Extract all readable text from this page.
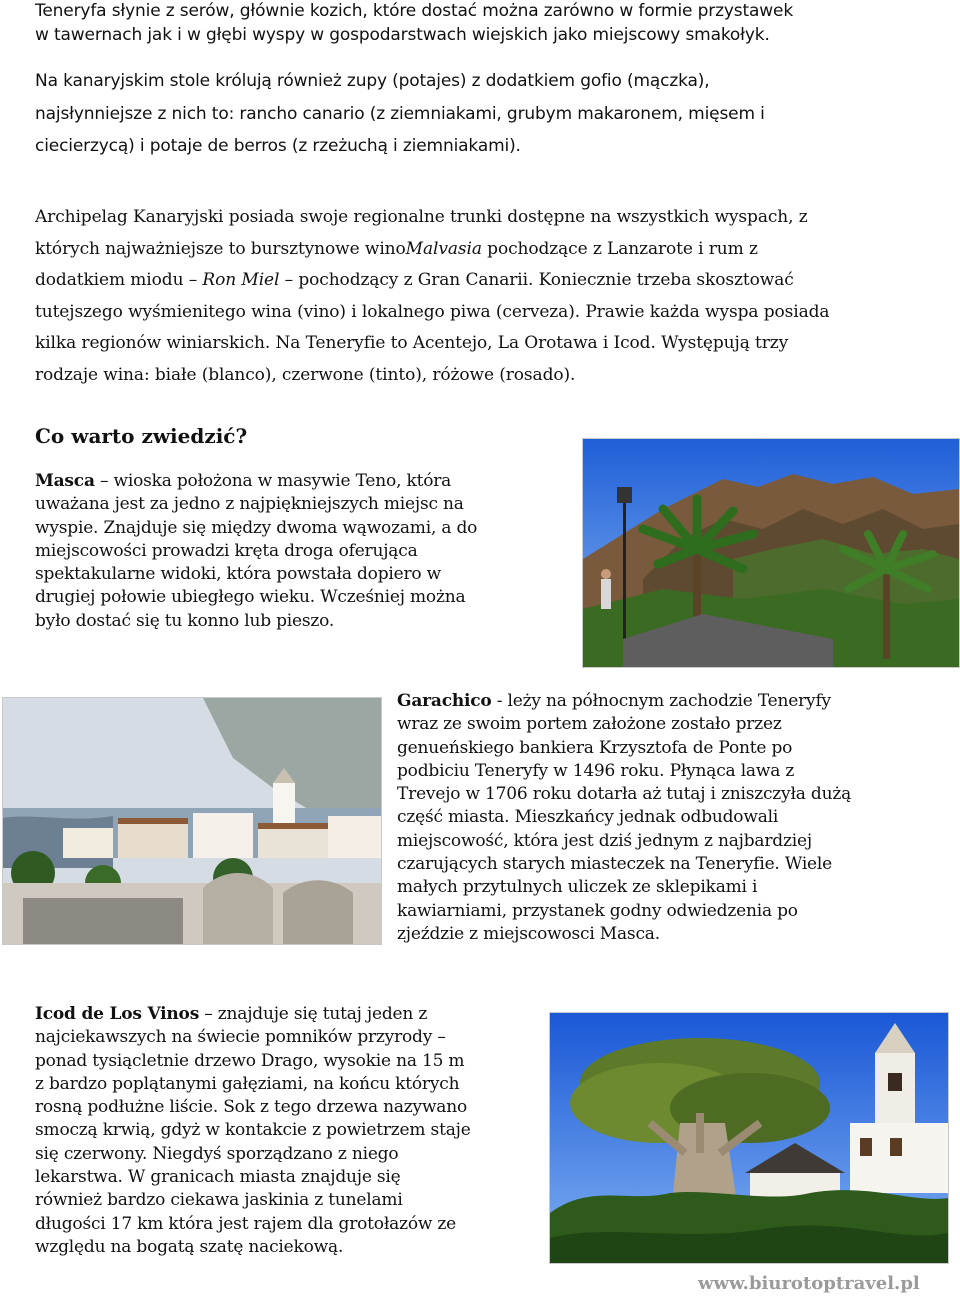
Teneryfa słynie z serów, głównie kozich, które dostać można zarówno w formie przystawek
w tawernach jak i w głębi wyspy w gospodarstwach wiejskich jako miejscowy smakołyk.
Na kanaryjskim stole królują również zupy (potajes) z dodatkiem gofio (mączka),
najsłynniejsze z nich to: rancho canario (z ziemniakami, grubym makaronem, mięsem i
ciecierzycą) i potaje de berros (z rzeżuchą i ziemniakami).
Archipelag Kanaryjski posiada swoje regionalne trunki dostępne na wszystkich wyspach, z
których najważniejsze to bursztynowe winoMalvasia pochodzące z Lanzarote i rum z
dodatkiem miodu – Ron Miel – pochodzący z Gran Canarii. Koniecznie trzeba skosztować
tutejszego wyśmienitego wina (vino) i lokalnego piwa (cerveza). Prawie każda wyspa posiada
kilka regionów winiarskich. Na Teneryfie to Acentejo, La Orotawa i Icod. Występują trzy
rodzaje wina: białe (blanco), czerwone (tinto), różowe (rosado).
Co warto zwiedzić?
Masca – wioska położona w masywie Teno, która
uważana jest za jedno z najpiękniejszych miejsc na
wyspie. Znajduje się między dwoma wąwozami, a do
miejscowości prowadzi kręta droga oferująca
spektakularne widoki, która powstała dopiero w
drugiej połowie ubiegłego wieku. Wcześniej można
było dostać się tu konno lub pieszo.
Garachico - leży na północnym zachodzie Teneryfy
wraz ze swoim portem założone zostało przez
genueńskiego bankiera Krzysztofa de Ponte po
podbiciu Teneryfy w 1496 roku. Płynąca lawa z
Trevejo w 1706 roku dotarła aż tutaj i zniszczyła dużą
część miasta. Mieszkańcy jednak odbudowali
miejscowość, która jest dziś jednym z najbardziej
czarujących starych miasteczek na Teneryfie. Wiele
małych przytulnych uliczek ze sklepikami i
kawiarniami, przystanek godny odwiedzenia po
zjeździe z miejscowosci Masca.
Icod de Los Vinos – znajduje się tutaj jeden z
najciekawszych na świecie pomników przyrody –
ponad tysiącletnie drzewo Drago, wysokie na 15 m
z bardzo poplątanymi gałęziami, na końcu których
rosną podłużne liście. Sok z tego drzewa nazywano
smoczą krwią, gdyż w kontakcie z powietrzem staje
się czerwony. Niegdyś sporządzano z niego
lekarstwa. W granicach miasta znajduje się
również bardzo ciekawa jaskinia z tunelami
długości 17 km która jest rajem dla grotołazów ze
względu na bogatą szatę naciekową.
www.biurotoptravel.pl
